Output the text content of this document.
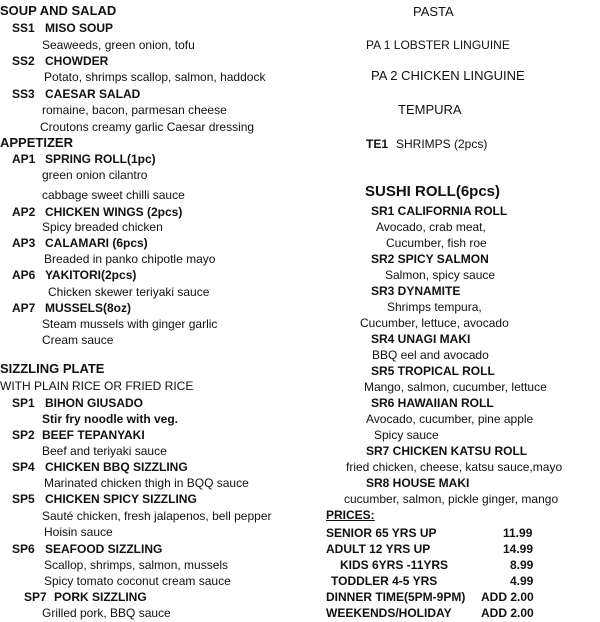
SOUP AND SALAD
SS1 MISO SOUP
Seaweeds, green onion, tofu
SS2 CHOWDER
Potato, shrimps scallop, salmon, haddock
SS3 CAESAR SALAD
romaine, bacon, parmesan cheese
Croutons creamy garlic Caesar dressing
APPETIZER
AP1 SPRING ROLL(1pc)
green onion cilantro
cabbage sweet chilli sauce
AP2 CHICKEN WINGS (2pcs)
Spicy breaded chicken
AP3 CALAMARI (6pcs)
Breaded in panko chipotle mayo
AP6 YAKITORI(2pcs)
Chicken skewer teriyaki sauce
AP7 MUSSELS(8oz)
Steam mussels with ginger garlic
Cream sauce
SIZZLING PLATE
WITH PLAIN RICE OR FRIED RICE
SP1 BIHON GIUSADO
Stir fry noodle with veg.
SP2 BEEF TEPANYAKI
Beef and teriyaki sauce
SP4 CHICKEN BBQ SIZZLING
Marinated chicken thigh in BQQ sauce
SP5 CHICKEN SPICY SIZZLING
Sauté chicken, fresh jalapenos, bell pepper
Hoisin sauce
SP6 SEAFOOD SIZZLING
Scallop, shrimps, salmon, mussels
Spicy tomato coconut cream sauce
SP7 PORK SIZZLING
Grilled pork, BBQ sauce
PASTA
PA 1 LOBSTER LINGUINE
PA 2 CHICKEN LINGUINE
TEMPURA
TE1 SHRIMPS (2pcs)
SUSHI ROLL(6pcs)
SR1 CALIFORNIA ROLL
Avocado, crab meat,
Cucumber, fish roe
SR2 SPICY SALMON
Salmon, spicy sauce
SR3 DYNAMITE
Shrimps tempura,
Cucumber, lettuce, avocado
SR4 UNAGI MAKI
BBQ eel and avocado
SR5 TROPICAL ROLL
Mango, salmon, cucumber, lettuce
SR6 HAWAIIAN ROLL
Avocado, cucumber, pine apple
Spicy sauce
SR7 CHICKEN KATSU ROLL
fried chicken, cheese, katsu sauce,mayo
SR8 HOUSE MAKI
cucumber, salmon, pickle ginger, mango
PRICES:
SENIOR 65 YRS UP	11.99
ADULT 12 YRS UP	14.99
KIDS 6YRS -11YRS	8.99
TODDLER 4-5 YRS	4.99
DINNER TIME(5PM-9PM) ADD 2.00
WEEKENDS/HOLIDAY ADD 2.00
